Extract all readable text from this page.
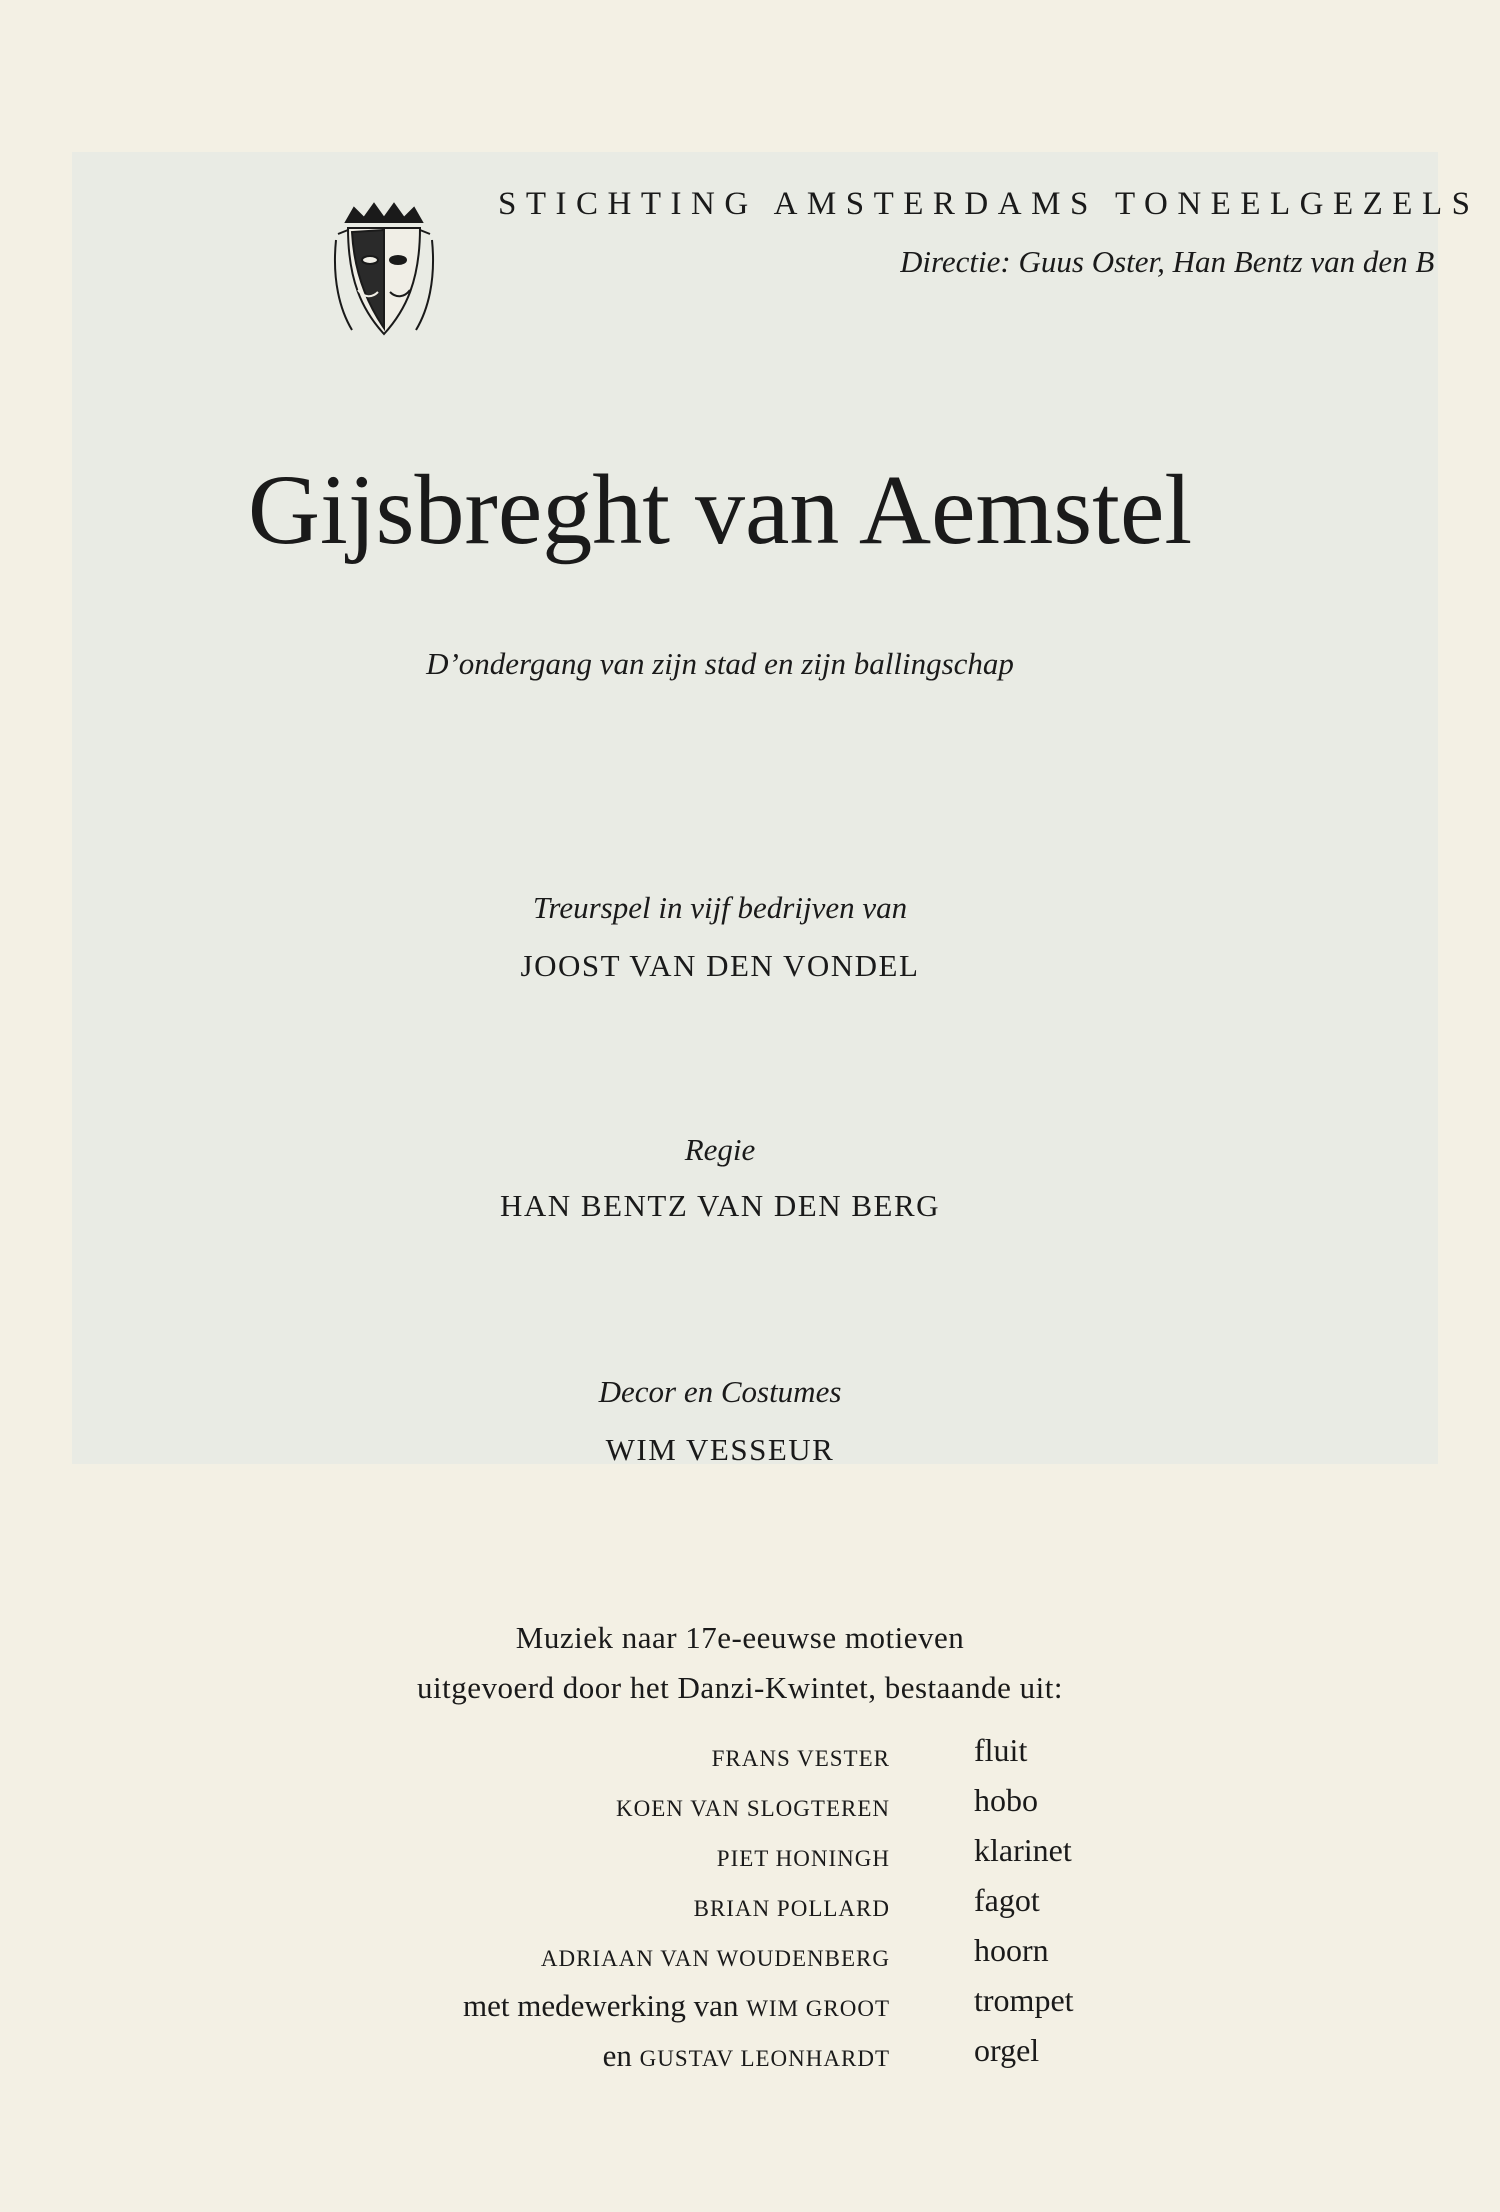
STICHTING AMSTERDAMS TONEELGEZELS
Directie: Guus Oster, Han Bentz van den B
Gijsbreght van Aemstel
D’ondergang van zijn stad en zijn ballingschap
Treurspel in vijf bedrijven van
JOOST VAN DEN VONDEL
Regie
HAN BENTZ VAN DEN BERG
Decor en Costumes
WIM VESSEUR
Muziek naar 17e-eeuwse motieven
uitgevoerd door het Danzi-Kwintet, bestaande uit:
FRANS VESTER	fluit
KOEN VAN SLOGTEREN	hobo
PIET HONINGH	klarinet
BRIAN POLLARD	fagot
ADRIAAN VAN WOUDENBERG	hoorn
met medewerking van WIM GROOT	trompet
en GUSTAV LEONHARDT	orgel
